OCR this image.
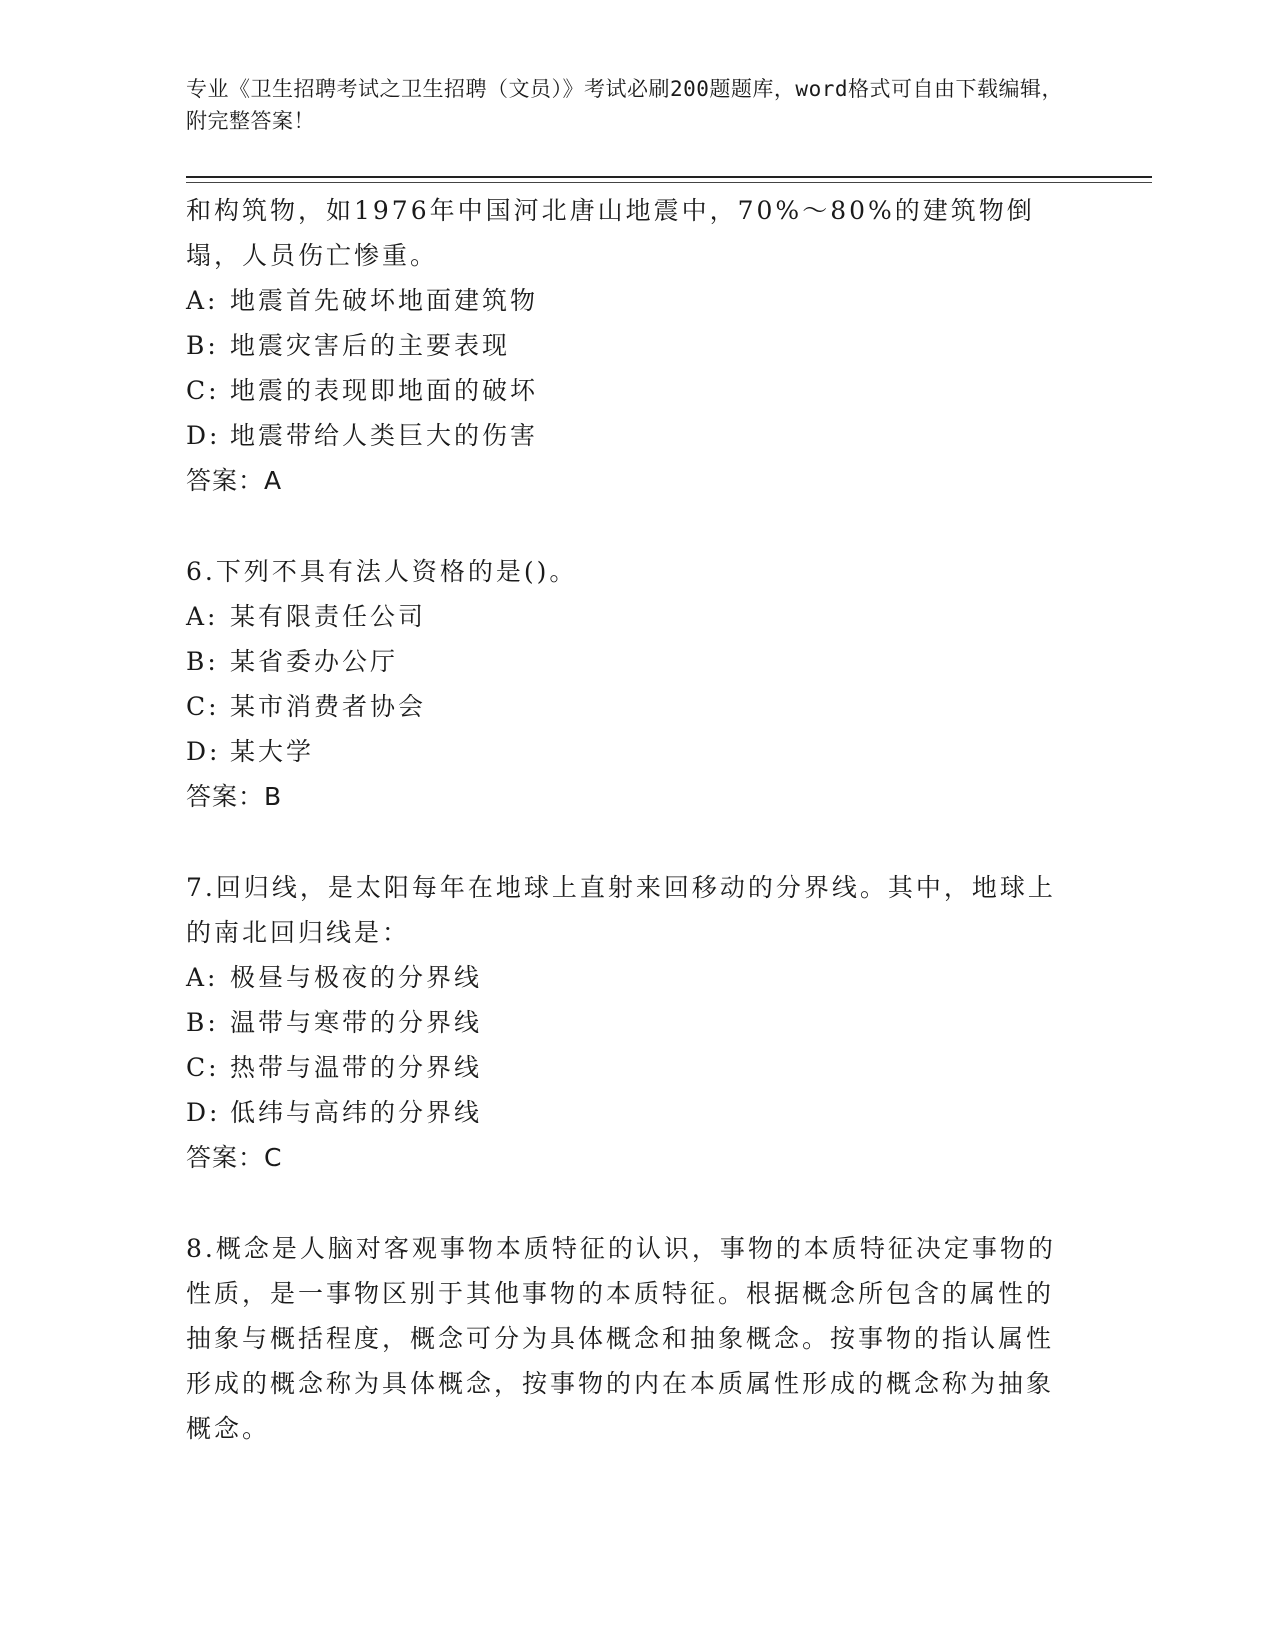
专业《卫生招聘考试之卫生招聘（文员）》考试必刷200题题库，word格式可自由下载编辑，附完整答案！

和构筑物，如1976年中国河北唐山地震中，70%～80%的建筑物倒塌，人员伤亡惨重。

A: 地震首先破坏地面建筑物

B: 地震灾害后的主要表现

C: 地震的表现即地面的破坏

D: 地震带给人类巨大的伤害

答案：A

6.下列不具有法人资格的是()。

A: 某有限责任公司

B: 某省委办公厅

C: 某市消费者协会

D: 某大学

答案：B

7.回归线，是太阳每年在地球上直射来回移动的分界线。其中，地球上的南北回归线是：

A: 极昼与极夜的分界线

B: 温带与寒带的分界线

C: 热带与温带的分界线

D: 低纬与高纬的分界线

答案：C

8.概念是人脑对客观事物本质特征的认识，事物的本质特征决定事物的性质，是一事物区别于其他事物的本质特征。根据概念所包含的属性的抽象与概括程度，概念可分为具体概念和抽象概念。按事物的指认属性形成的概念称为具体概念，按事物的内在本质属性形成的概念称为抽象概念。
